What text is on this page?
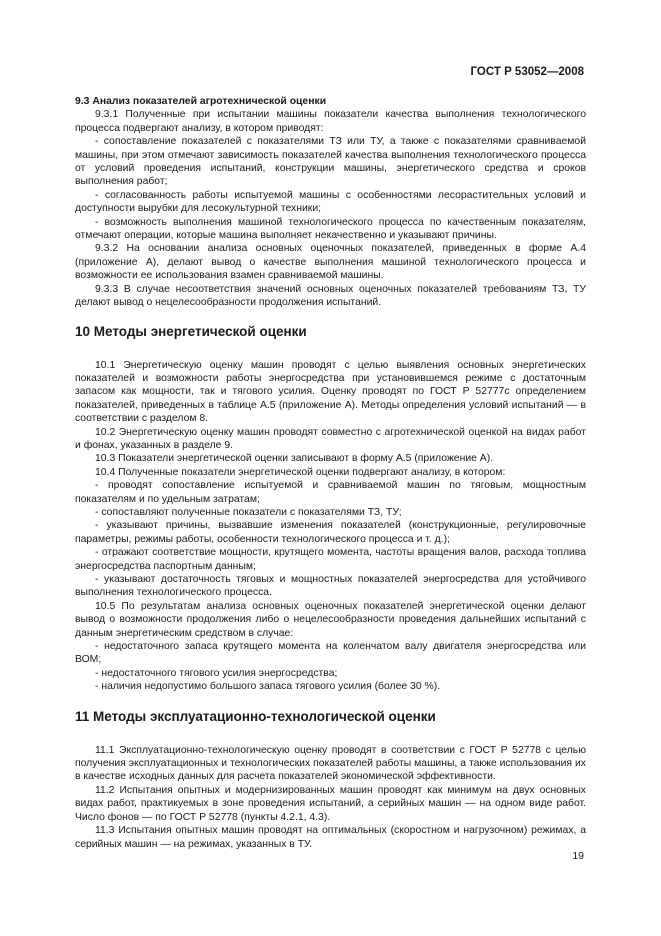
ГОСТ Р 53052—2008

9.3 Анализ показателей агротехнической оценки

9.3.1 Полученные при испытании машины показатели качества выполнения технологического процесса подвергают анализу, в котором приводят:

- сопоставление показателей с показателями ТЗ или ТУ, а также с показателями сравниваемой машины, при этом отмечают зависимость показателей качества выполнения технологического процесса от условий проведения испытаний, конструкции машины, энергетического средства и сроков выполнения работ;

- согласованность работы испытуемой машины с особенностями лесорастительных условий и доступности вырубки для лесокультурной техники;

- возможность выполнения машиной технологического процесса по качественным показателям, отмечают операции, которые машина выполняет некачественно и указывают причины.

9.3.2 На основании анализа основных оценочных показателей, приведенных в форме А.4 (приложение А), делают вывод о качестве выполнения машиной технологического процесса и возможности ее использования взамен сравниваемой машины.

9.3.3 В случае несоответствия значений основных оценочных показателей требованиям ТЗ, ТУ делают вывод о нецелесообразности продолжения испытаний.

10 Методы энергетической оценки

10.1 Энергетическую оценку машин проводят с целью выявления основных энергетических показателей и возможности работы энергосредства при установившемся режиме с достаточным запасом как мощности, так и тягового усилия. Оценку проводят по ГОСТ Р 52777с определением показателей, приведенных в таблице А.5 (приложение А). Методы определения условий испытаний — в соответствии с разделом 8.

10.2 Энергетическую оценку машин проводят совместно с агротехнической оценкой на видах работ и фонах, указанных в разделе 9.

10.3 Показатели энергетической оценки записывают в форму А.5 (приложение А).

10.4 Полученные показатели энергетической оценки подвергают анализу, в котором:

- проводят сопоставление испытуемой и сравниваемой машин по тяговым, мощностным показателям и по удельным затратам;

- сопоставляют полученные показатели с показателями ТЗ, ТУ;

- указывают причины, вызвавшие изменения показателей (конструкционные, регулировочные параметры, режимы работы, особенности технологического процесса и т. д.);

- отражают соответствие мощности, крутящего момента, частоты вращения валов, расхода топлива энергосредства паспортным данным;

- указывают достаточность тяговых и мощностных показателей энергосредства для устойчивого выполнения технологического процесса.

10.5 По результатам анализа основных оценочных показателей энергетической оценки делают вывод о возможности продолжения либо о нецелесообразности проведения дальнейших испытаний с данным энергетическим средством в случае:

- недостаточного запаса крутящего момента на коленчатом валу двигателя энергосредства или ВОМ;

- недостаточного тягового усилия энергосредства;

- наличия недопустимо большого запаса тягового усилия (более 30 %).

11 Методы эксплуатационно-технологической оценки

11.1 Эксплуатационно-технологическую оценку проводят в соответствии с ГОСТ Р 52778 с целью получения эксплуатационных и технологических показателей работы машины, а также использования их в качестве исходных данных для расчета показателей экономической эффективности.

11.2 Испытания опытных и модернизированных машин проводят как минимум на двух основных видах работ, практикуемых в зоне проведения испытаний, а серийных машин — на одном виде работ. Число фонов — по ГОСТ Р 52778 (пункты 4.2.1, 4.3).

11.3 Испытания опытных машин проводят на оптимальных (скоростном и нагрузочном) режимах, а серийных машин — на режимах, указанных в ТУ.

19
